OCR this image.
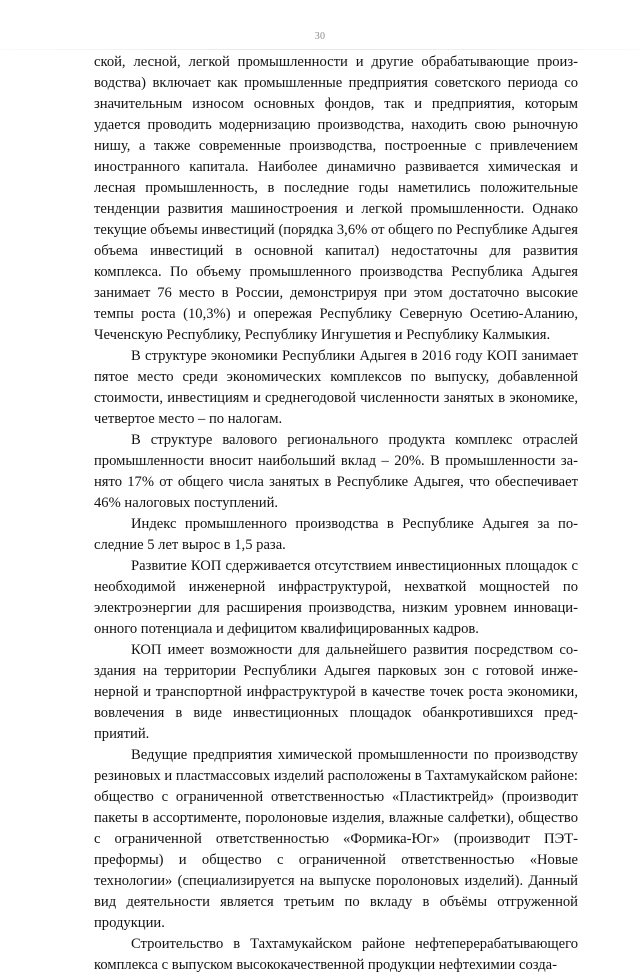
30

ской, лесной, легкой промышленности и другие обрабатывающие производства) включает как промышленные предприятия советского периода со значительным износом основных фондов, так и предприятия, которым удается проводить модернизацию производства, находить свою рыночную нишу, а также современные производства, построенные с привлечением иностранного капитала. Наиболее динамично развивается химическая и лесная промышленность, в последние годы наметились положительные тенденции развития машиностроения и легкой промышленности. Однако текущие объемы инвестиций (порядка 3,6% от общего по Республике Адыгея объема инвестиций в основной капитал) недостаточны для развития комплекса. По объему промышленного производства Республика Адыгея занимает 76 место в России, демонстрируя при этом достаточно высокие темпы роста (10,3%) и опережая Республику Северную Осетию-Аланию, Чеченскую Республику, Республику Ингушетия и Республику Калмыкия.

В структуре экономики Республики Адыгея в 2016 году КОП занимает пятое место среди экономических комплексов по выпуску, добавленной стоимости, инвестициям и среднегодовой численности занятых в экономике, четвертое место – по налогам.

В структуре валового регионального продукта комплекс отраслей промышленности вносит наибольший вклад – 20%. В промышленности занято 17% от общего числа занятых в Республике Адыгея, что обеспечивает 46% налоговых поступлений.

Индекс промышленного производства в Республике Адыгея за последние 5 лет вырос в 1,5 раза.

Развитие КОП сдерживается отсутствием инвестиционных площадок с необходимой инженерной инфраструктурой, нехваткой мощностей по электроэнергии для расширения производства, низким уровнем инновационного потенциала и дефицитом квалифицированных кадров.

КОП имеет возможности для дальнейшего развития посредством создания на территории Республики Адыгея парковых зон с готовой инженерной и транспортной инфраструктурой в качестве точек роста экономики, вовлечения в виде инвестиционных площадок обанкротившихся предприятий.

Ведущие предприятия химической промышленности по производству резиновых и пластмассовых изделий расположены в Тахтамукайском районе: общество с ограниченной ответственностью «Пластиктрейд» (производит пакеты в ассортименте, поролоновые изделия, влажные салфетки), общество с ограниченной ответственностью «Формика-Юг» (производит ПЭТ-преформы) и общество с ограниченной ответственностью «Новые технологии» (специализируется на выпуске поролоновых изделий). Данный вид деятельности является третьим по вкладу в объёмы отгруженной продукции.

Строительство в Тахтамукайском районе нефтеперерабатывающего комплекса с выпуском высококачественной продукции нефтехимии созда-
